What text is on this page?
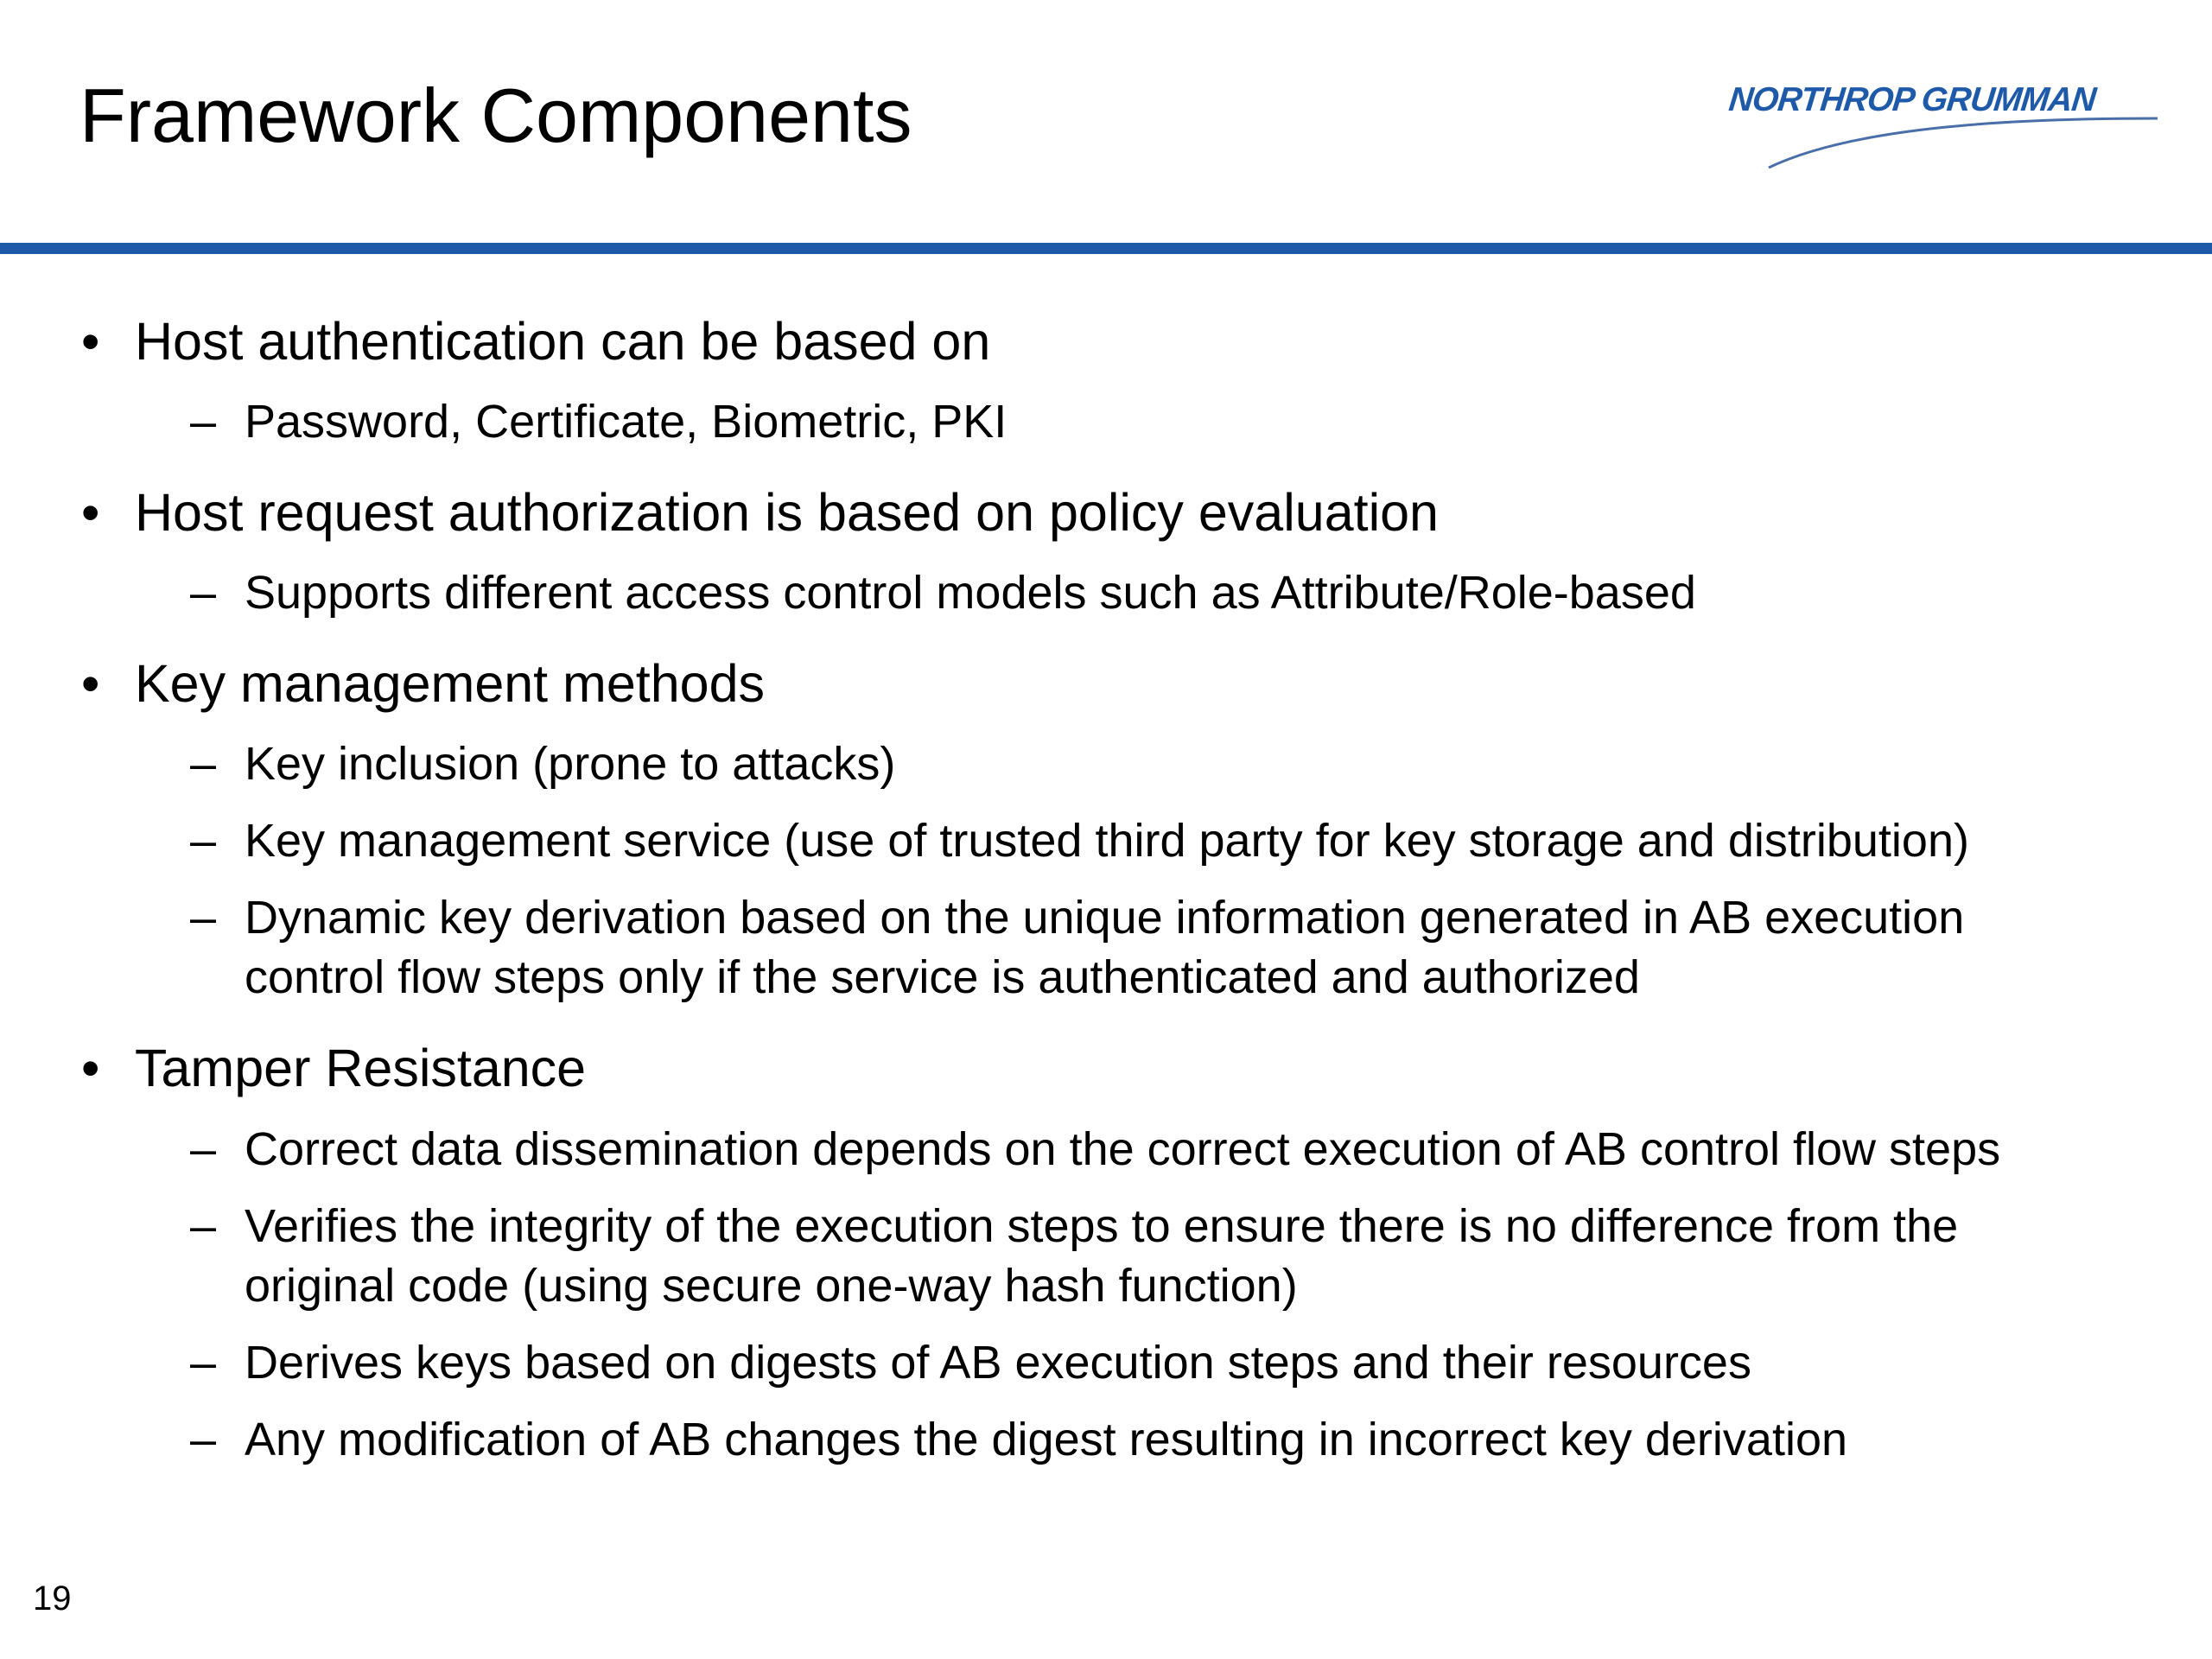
Framework Components	NORTHROP GRUMMAN
• Host authentication can be based on
– Password, Certificate, Biometric, PKI
• Host request authorization is based on policy evaluation
– Supports different access control models such as Attribute/Role-based
• Key management methods
– Key inclusion (prone to attacks)
– Key management service (use of trusted third party for key storage and distribution)
– Dynamic key derivation based on the unique information generated in AB execution
control flow steps only if the service is authenticated and authorized
• Tamper Resistance
– Correct data dissemination depends on the correct execution of AB control flow steps
– Verifies the integrity of the execution steps to ensure there is no difference from the
original code (using secure one-way hash function)
– Derives keys based on digests of AB execution steps and their resources
– Any modification of AB changes the digest resulting in incorrect key derivation
19
